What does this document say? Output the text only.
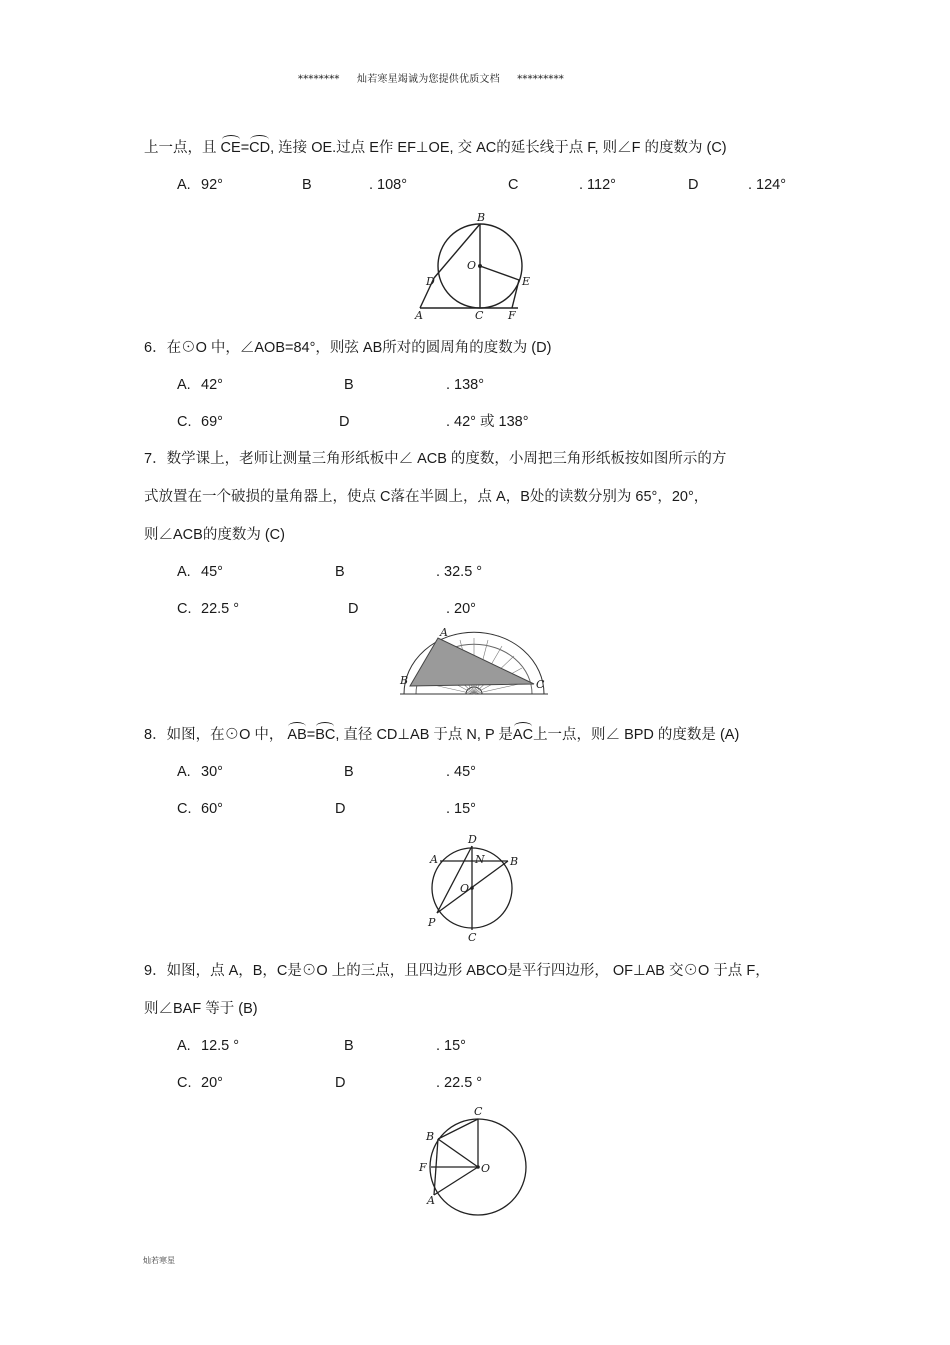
******** 灿若寒星竭诚为您提供优质文档 *********
上一点，且 CE=CD, 连接 OE.过点 E作 EF⊥OE, 交 AC的延长线于点 F, 则∠F 的度数为 (C)
A. 92°	B	. 108°	C	. 112°	D	. 124°
B
O
D	E
A	C F
6．在⊙O 中，∠AOB=84°，则弦 AB所对的圆周角的度数为 (D)
A. 42°	B	. 138°
C. 69°	D	. 42° 或 138°
7．数学课上，老师让测量三角形纸板中∠ ACB 的度数，小周把三角形纸板按如图所示的方
式放置在一个破损的量角器上，使点 C落在半圆上，点 A，B处的读数分别为 65°，20°，
则∠ACB的度数为 (C)
A. 45°	B	. 32.5 °
C. 22.5 °	D	. 20°
A
B	C
8．如图，在⊙O 中， AB=BC, 直径 CD⊥AB 于点 N, P 是AC上一点，则∠ BPD 的度数是 (A)
A. 30°	B	. 45°
C. 60°	D	. 15°
D
A	N B
O
P
C
9．如图，点 A，B，C是⊙O 上的三点，且四边形 ABCO是平行四边形， OF⊥AB 交⊙O 于点 F，
则∠BAF 等于 (B)
A. 12.5 °	B	. 15°
C. 20°	D	. 22.5 °
C
B
F	O
A
灿若寒星
